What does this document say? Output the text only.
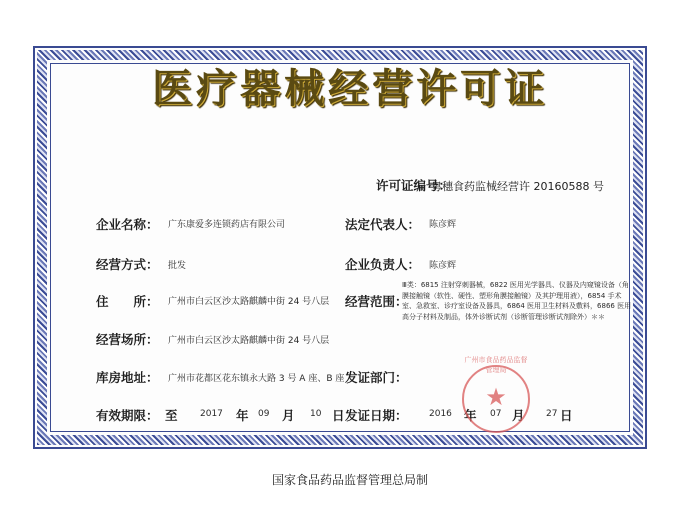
医疗器械经营许可证
许可证编号：
粤穗食药监械经营许 20160588 号
企业名称： 广东康爱多连锁药店有限公司	法定代表人： 陈彦辉
经营方式： 批发	企业负责人： 陈彦辉
住　　所： 广州市白云区沙太路麒麟中街 24 号八层 经营范围：
Ⅲ类：6815 注射穿刺器械，6822 医用光学器具、仪器及内窥镜设备（角膜接触镜（软性、硬性、塑形角膜接触镜）及其护理用液），6854 手术室、急救室、诊疗室设备及器具，6864 医用卫生材料及敷料，6866 医用高分子材料及制品，体外诊断试剂（诊断管理诊断试剂除外）＊＊
经营场所： 广州市白云区沙太路麒麟中街 24 号八层
库房地址： 广州市花都区花东镇永大路 3 号 A 座、B 座 发证部门：
有效期限： 至 2017 年 09 月 10 日 发证日期： 2016 年 07 月 27 日
广州市食品药品监督管理局
★
国家食品药品监督管理总局制
